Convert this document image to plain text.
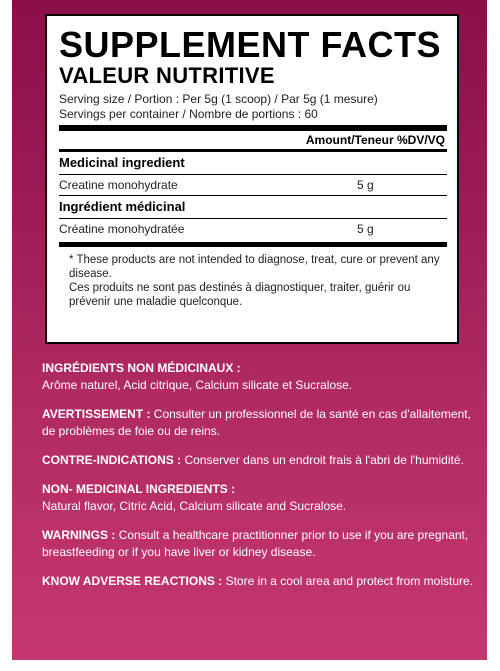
SUPPLEMENT FACTS
VALEUR NUTRITIVE
Serving size / Portion : Per 5g (1 scoop) / Par 5g (1 mesure)
Servings per container / Nombre de portions : 60
Amount/Teneur %DV/VQ
Medicinal ingredient
Creatine monohydrate	5 g
Ingrédient médicinal
Créatine monohydratée	5 g

* These products are not intended to diagnose, treat, cure or prevent any disease.

Ces produits ne sont pas destinés à diagnostiquer, traiter, guérir ou prévenir une maladie quelconque.

INGRÉDIENTS NON MÉDICINAUX :
Arôme naturel, Acid citrique, Calcium silicate et Sucralose.

AVERTISSEMENT : Consulter un professionnel de la santé en cas d'allaitement, de problèmes de foie ou de reins.

CONTRE-INDICATIONS : Conserver dans un endroit frais à l'abri de l'humidité.

NON- MEDICINAL INGREDIENTS :
Natural flavor, Citric Acid, Calcium silicate and Sucralose.

WARNINGS : Consult a healthcare practitionner prior to use if you are pregnant, breastfeeding or if you have liver or kidney disease.

KNOW ADVERSE REACTIONS : Store in a cool area and protect from moisture.
